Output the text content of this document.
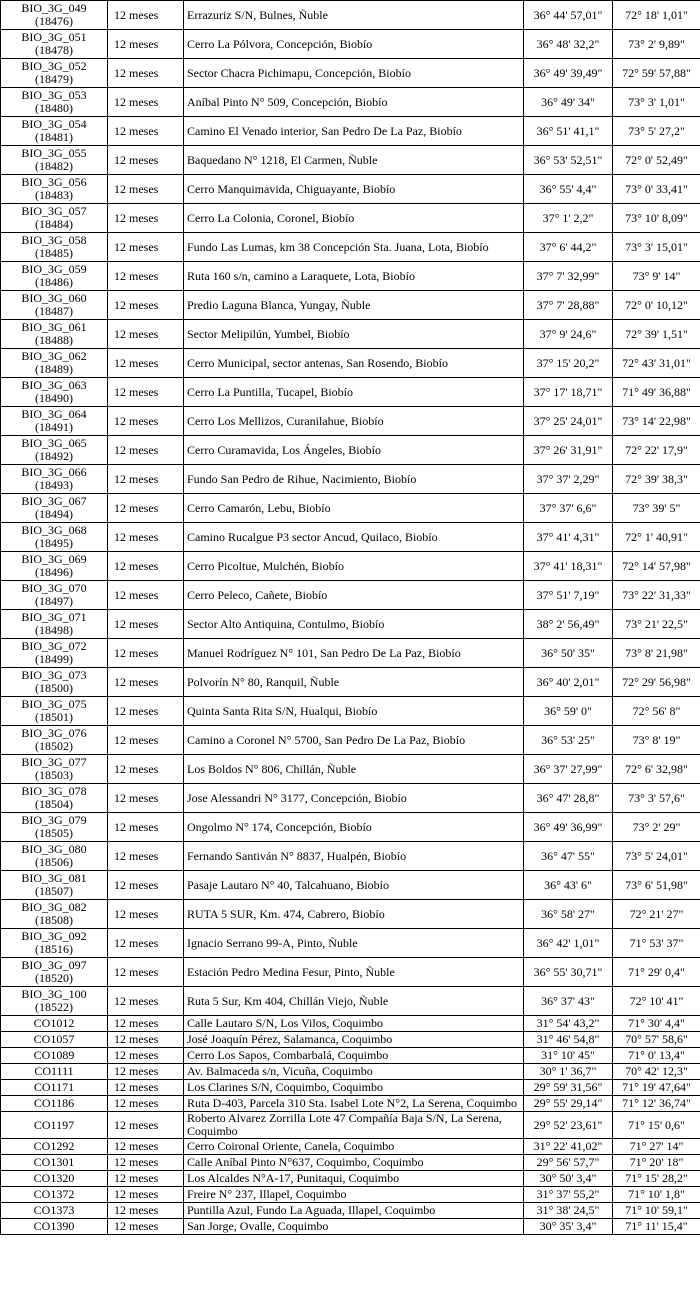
BIO_3G_049 (18476)	12 meses	Errazuriz S/N, Bulnes, Ñuble	36° 44' 57,01"	72° 18' 1,01"
BIO_3G_051 (18478)	12 meses	Cerro La Pólvora, Concepción, Biobío	36° 48' 32,2"	73° 2' 9,89"
BIO_3G_052 (18479)	12 meses	Sector Chacra Pichimapu, Concepción, Biobío	36° 49' 39,49"	72° 59' 57,88"
BIO_3G_053 (18480)	12 meses	Aníbal Pinto N° 509, Concepción, Biobío	36° 49' 34"	73° 3' 1,01"
BIO_3G_054 (18481)	12 meses	Camino El Venado interior, San Pedro De La Paz, Biobío	36° 51' 41,1"	73° 5' 27,2"
BIO_3G_055 (18482)	12 meses	Baquedano N° 1218, El Carmen, Ñuble	36° 53' 52,51"	72° 0' 52,49"
BIO_3G_056 (18483)	12 meses	Cerro Manquimavida, Chiguayante, Biobío	36° 55' 4,4"	73° 0' 33,41"
BIO_3G_057 (18484)	12 meses	Cerro La Colonia, Coronel, Biobío	37° 1' 2,2"	73° 10' 8,09"
BIO_3G_058 (18485)	12 meses	Fundo Las Lumas, km 38 Concepción Sta. Juana, Lota, Biobío	37° 6' 44,2"	73° 3' 15,01"
BIO_3G_059 (18486)	12 meses	Ruta 160 s/n, camino a Laraquete, Lota, Biobío	37° 7' 32,99"	73° 9' 14"
BIO_3G_060 (18487)	12 meses	Predio Laguna Blanca, Yungay, Ñuble	37° 7' 28,88"	72° 0' 10,12"
BIO_3G_061 (18488)	12 meses	Sector Melipilún, Yumbel, Biobío	37° 9' 24,6"	72° 39' 1,51"
BIO_3G_062 (18489)	12 meses	Cerro Municipal, sector antenas, San Rosendo, Biobío	37° 15' 20,2"	72° 43' 31,01"
BIO_3G_063 (18490)	12 meses	Cerro La Puntilla, Tucapel, Biobío	37° 17' 18,71"	71° 49' 36,88"
BIO_3G_064 (18491)	12 meses	Cerro Los Mellizos, Curanilahue, Biobío	37° 25' 24,01"	73° 14' 22,98"
BIO_3G_065 (18492)	12 meses	Cerro Curamavida, Los Ángeles, Biobío	37° 26' 31,91"	72° 22' 17,9"
BIO_3G_066 (18493)	12 meses	Fundo San Pedro de Rihue, Nacimiento, Biobío	37° 37' 2,29"	72° 39' 38,3"
BIO_3G_067 (18494)	12 meses	Cerro Camarón, Lebu, Biobío	37° 37' 6,6"	73° 39' 5"
BIO_3G_068 (18495)	12 meses	Camino Rucalgue P3 sector Ancud, Quilaco, Biobío	37° 41' 4,31"	72° 1' 40,91"
BIO_3G_069 (18496)	12 meses	Cerro Picoltue, Mulchén, Biobío	37° 41' 18,31"	72° 14' 57,98"
BIO_3G_070 (18497)	12 meses	Cerro Peleco, Cañete, Biobío	37° 51' 7,19"	73° 22' 31,33"
BIO_3G_071 (18498)	12 meses	Sector Alto Antiquina, Contulmo, Biobío	38° 2' 56,49"	73° 21' 22,5"
BIO_3G_072 (18499)	12 meses	Manuel Rodríguez N° 101, San Pedro De La Paz, Biobío	36° 50' 35"	73° 8' 21,98"
BIO_3G_073 (18500)	12 meses	Polvorín N° 80, Ranquil, Ñuble	36° 40' 2,01"	72° 29' 56,98"
BIO_3G_075 (18501)	12 meses	Quinta Santa Rita S/N, Hualqui, Biobío	36° 59' 0"	72° 56' 8"
BIO_3G_076 (18502)	12 meses	Camino a Coronel N° 5700, San Pedro De La Paz, Biobío	36° 53' 25"	73° 8' 19"
BIO_3G_077 (18503)	12 meses	Los Boldos N° 806, Chillán, Ñuble	36° 37' 27,99"	72° 6' 32,98"
BIO_3G_078 (18504)	12 meses	Jose Alessandri N° 3177, Concepción, Biobío	36° 47' 28,8"	73° 3' 57,6"
BIO_3G_079 (18505)	12 meses	Ongolmo N° 174, Concepción, Biobío	36° 49' 36,99"	73° 2' 29"
BIO_3G_080 (18506)	12 meses	Fernando Santiván N° 8837, Hualpén, Biobío	36° 47' 55"	73° 5' 24,01"
BIO_3G_081 (18507)	12 meses	Pasaje Lautaro N° 40, Talcahuano, Biobío	36° 43' 6"	73° 6' 51,98"
BIO_3G_082 (18508)	12 meses	RUTA 5 SUR, Km. 474, Cabrero, Biobío	36° 58' 27"	72° 21' 27"
BIO_3G_092 (18516)	12 meses	Ignacio Serrano 99-A, Pinto, Ñuble	36° 42' 1,01"	71° 53' 37"
BIO_3G_097 (18520)	12 meses	Estación Pedro Medina Fesur, Pinto, Ñuble	36° 55' 30,71"	71° 29' 0,4"
BIO_3G_100 (18522)	12 meses	Ruta 5 Sur, Km 404, Chillán Viejo, Ñuble	36° 37' 43"	72° 10' 41"
CO1012	12 meses	Calle Lautaro S/N, Los Vilos, Coquimbo	31° 54' 43,2"	71° 30' 4,4"
CO1057	12 meses	José Joaquín Pérez, Salamanca, Coquimbo	31° 46' 54,8"	70° 57' 58,6"
CO1089	12 meses	Cerro Los Sapos, Combarbalá, Coquimbo	31° 10' 45"	71° 0' 13,4"
CO1111	12 meses	Av. Balmaceda s/n, Vicuña, Coquimbo	30° 1' 36,7"	70° 42' 12,3"
CO1171	12 meses	Los Clarines S/N, Coquimbo, Coquimbo	29° 59' 31,56"	71° 19' 47,64"
CO1186	12 meses	Ruta D-403, Parcela 310 Sta. Isabel Lote N°2, La Serena, Coquimbo	29° 55' 29,14"	71° 12' 36,74"
CO1197	12 meses	Roberto Alvarez Zorrilla Lote 47 Compañía Baja S/N, La Serena, Coquimbo	29° 52' 23,61"	71° 15' 0,6"
CO1292	12 meses	Cerro Coironal Oriente, Canela, Coquimbo	31° 22' 41,02"	71° 27' 14"
CO1301	12 meses	Calle Aníbal Pinto N°637, Coquimbo, Coquimbo	29° 56' 57,7"	71° 20' 18"
CO1320	12 meses	Los Alcaldes N°A-17, Punitaqui, Coquimbo	30° 50' 3,4"	71° 15' 28,2"
CO1372	12 meses	Freire N° 237, Illapel, Coquimbo	31° 37' 55,2"	71° 10' 1,8"
CO1373	12 meses	Puntilla Azul, Fundo La Aguada, Illapel, Coquimbo	31° 38' 24,5"	71° 10' 59,1"
CO1390	12 meses	San Jorge, Ovalle, Coquimbo	30° 35' 3,4"	71° 11' 15,4"
